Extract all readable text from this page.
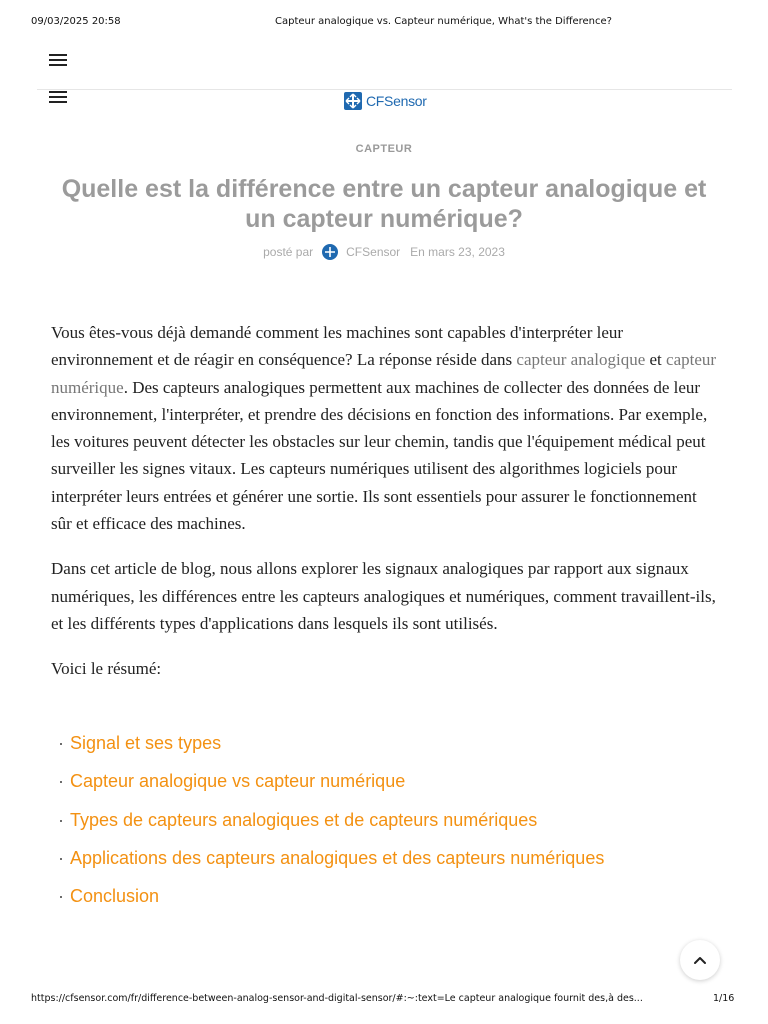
09/03/2025 20:58	Capteur analogique vs. Capteur numérique, What's the Difference?
CFSensor
CAPTEUR
Quelle est la différence entre un capteur analogique et un capteur numérique?
posté par	CFSensor En mars 23, 2023

Vous êtes-vous déjà demandé comment les machines sont capables d'interpréter leur environnement et de réagir en conséquence? La réponse réside dans capteur analogique et capteur numérique. Des capteurs analogiques permettent aux machines de collecter des données de leur environnement, l'interpréter, et prendre des décisions en fonction des informations. Par exemple, les voitures peuvent détecter les obstacles sur leur chemin, tandis que l'équipement médical peut surveiller les signes vitaux. Les capteurs numériques utilisent des algorithmes logiciels pour interpréter leurs entrées et générer une sortie. Ils sont essentiels pour assurer le fonctionnement sûr et efficace des machines.

Dans cet article de blog, nous allons explorer les signaux analogiques par rapport aux signaux numériques, les différences entre les capteurs analogiques et numériques, comment travaillent-ils, et les différents types d'applications dans lesquels ils sont utilisés.

Voici le résumé:

· Signal et ses types
· Capteur analogique vs capteur numérique
· Types de capteurs analogiques et de capteurs numériques
· Applications des capteurs analogiques et des capteurs numériques
· Conclusion
https://cfsensor.com/fr/difference-between-analog-sensor-and-digital-sensor/#:~:text=Le capteur analogique fournit des,à des...	1/16
